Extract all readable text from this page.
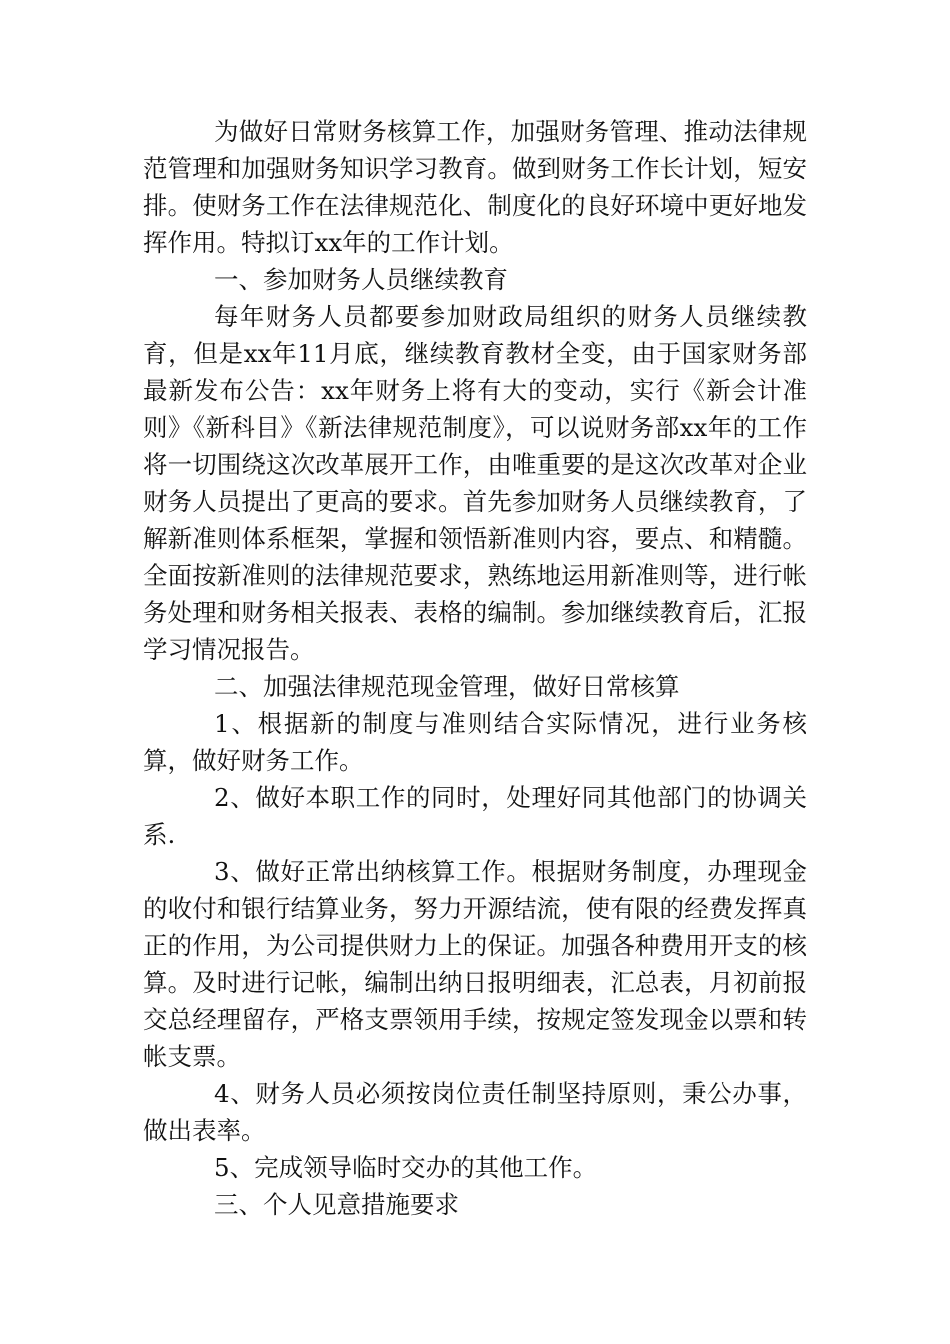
为做好日常财务核算工作，加强财务管理、推动法律规范管理和加强财务知识学习教育。做到财务工作长计划，短安排。使财务工作在法律规范化、制度化的良好环境中更好地发挥作用。特拟订xx年的工作计划。

一、参加财务人员继续教育

每年财务人员都要参加财政局组织的财务人员继续教育，但是xx年11月底，继续教育教材全变，由于国家财务部最新发布公告：xx年财务上将有大的变动，实行《新会计准则》《新科目》《新法律规范制度》，可以说财务部xx年的工作将一切围绕这次改革展开工作，由唯重要的是这次改革对企业财务人员提出了更高的要求。首先参加财务人员继续教育，了解新准则体系框架，掌握和领悟新准则内容，要点、和精髓。全面按新准则的法律规范要求，熟练地运用新准则等，进行帐务处理和财务相关报表、表格的编制。参加继续教育后，汇报学习情况报告。

二、加强法律规范现金管理，做好日常核算

1、根据新的制度与准则结合实际情况，进行业务核算，做好财务工作。

2、做好本职工作的同时，处理好同其他部门的协调关系.

3、做好正常出纳核算工作。根据财务制度，办理现金的收付和银行结算业务，努力开源结流，使有限的经费发挥真正的作用，为公司提供财力上的保证。加强各种费用开支的核算。及时进行记帐，编制出纳日报明细表，汇总表，月初前报交总经理留存，严格支票领用手续，按规定签发现金以票和转帐支票。

4、财务人员必须按岗位责任制坚持原则，秉公办事，做出表率。

5、完成领导临时交办的其他工作。

三、个人见意措施要求
